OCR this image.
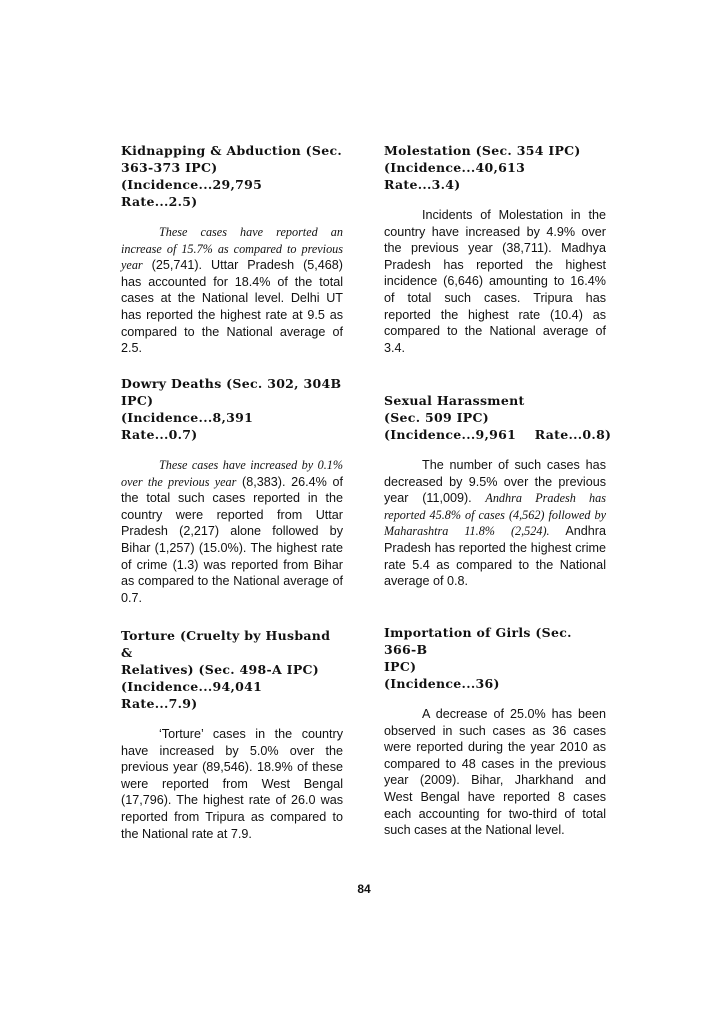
Kidnapping & Abduction (Sec.
363-373 IPC)
(Incidence...29,795
Rate...2.5)

These cases have reported an increase of 15.7% as compared to previous year (25,741). Uttar Pradesh (5,468) has accounted for 18.4% of the total cases at the National level. Delhi UT has reported the highest rate at 9.5 as compared to the National average of 2.5.

Dowry Deaths (Sec. 302, 304B
IPC)
(Incidence...8,391
Rate...0.7)

These cases have increased by 0.1% over the previous year (8,383). 26.4% of the total such cases reported in the country were reported from Uttar Pradesh (2,217) alone followed by Bihar (1,257) (15.0%). The highest rate of crime (1.3) was reported from Bihar as compared to the National average of 0.7.

Torture (Cruelty by Husband &
Relatives) (Sec. 498-A IPC)
(Incidence...94,041
Rate...7.9)

‘Torture’ cases in the country have increased by 5.0% over the previous year (89,546). 18.9% of these were reported from West Bengal (17,796). The highest rate of 26.0 was reported from Tripura as compared to the National rate at 7.9.

Molestation (Sec. 354 IPC)
(Incidence...40,613
Rate...3.4)

Incidents of Molestation in the country have increased by 4.9% over the previous year (38,711). Madhya Pradesh has reported the highest incidence (6,646) amounting to 16.4% of total such cases. Tripura has reported the highest rate (10.4) as compared to the National average of 3.4.

Sexual Harassment
(Sec. 509 IPC)
(Incidence...9,961    Rate...0.8)

The number of such cases has decreased by 9.5% over the previous year (11,009). Andhra Pradesh has reported 45.8% of cases (4,562) followed by Maharashtra 11.8% (2,524). Andhra Pradesh has reported the highest crime rate 5.4 as compared to the National average of 0.8.

Importation of Girls (Sec. 366-B
IPC)
(Incidence...36)

A decrease of 25.0% has been observed in such cases as 36 cases were reported during the year 2010 as compared to 48 cases in the previous year (2009). Bihar, Jharkhand and West Bengal have reported 8 cases each accounting for two-third of total such cases at the National level.

84
